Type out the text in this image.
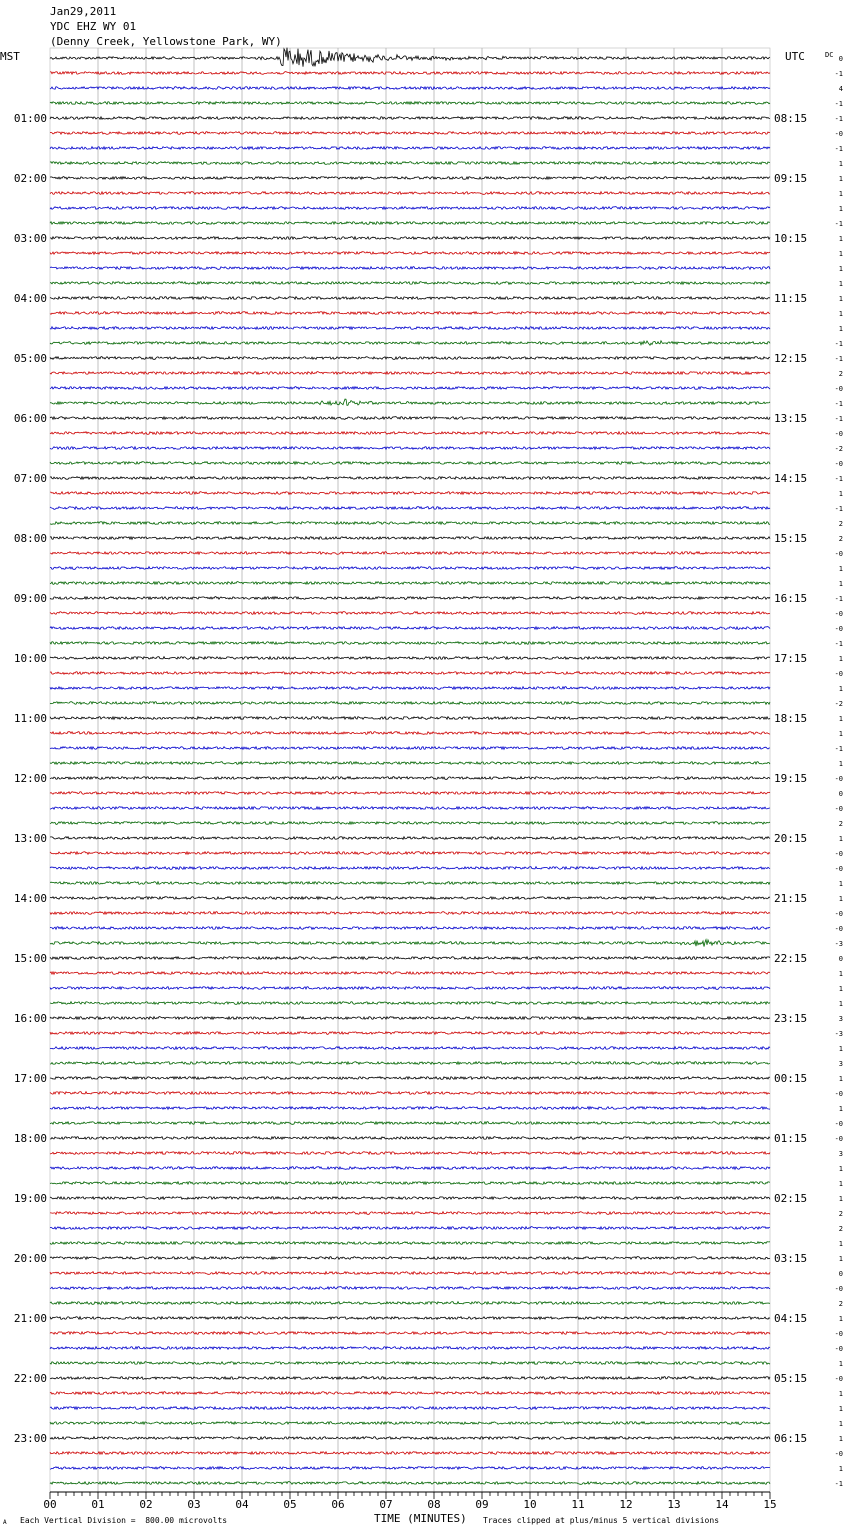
Jan29,2011
YDC EHZ WY 01
(Denny Creek, Yellowstone Park, WY)
MST	UTC	DC
01:00
02:00
03:00
04:00
05:00
06:00
07:00
08:00
09:00
10:00
11:00
12:00
13:00
14:00
15:00
16:00
17:00
18:00
19:00
20:00
21:00
22:00
23:00
08:15
09:15
10:15
11:15
12:15
13:15
14:15
15:15
16:15
17:15
18:15
19:15
20:15
21:15
22:15
23:15
00:15
01:15
02:15
03:15
04:15
05:15
06:15
0
-1
4
-1
-1
-0
-1
1
1
1
1
-1
1
1
1
1
1
1
1
-1
-1
2
-0
-1
-1
-0
-2
-0
-1
1
-1
2
2
-0
1
1
-1
-0
-0
-1
1
-0
1
-2
1
1
-1
1
-0
0
-0
2
1
-0
-0
1
1
-0
-0
-3
0
1
1
1
3
-3
1
3
1
-0
1
-0
-0
3
1
1
1
2
2
1
1
0
-0
2
1
-0
-0
1
-0
1
1
1
1
-0
1
-1
00	01	02	03	04	05	06	07	08	09	10	11	12	13	14	15
TIME (MINUTES)
Each Vertical Division =  800.00 microvolts	Traces clipped at plus/minus 5 vertical divisions
A
